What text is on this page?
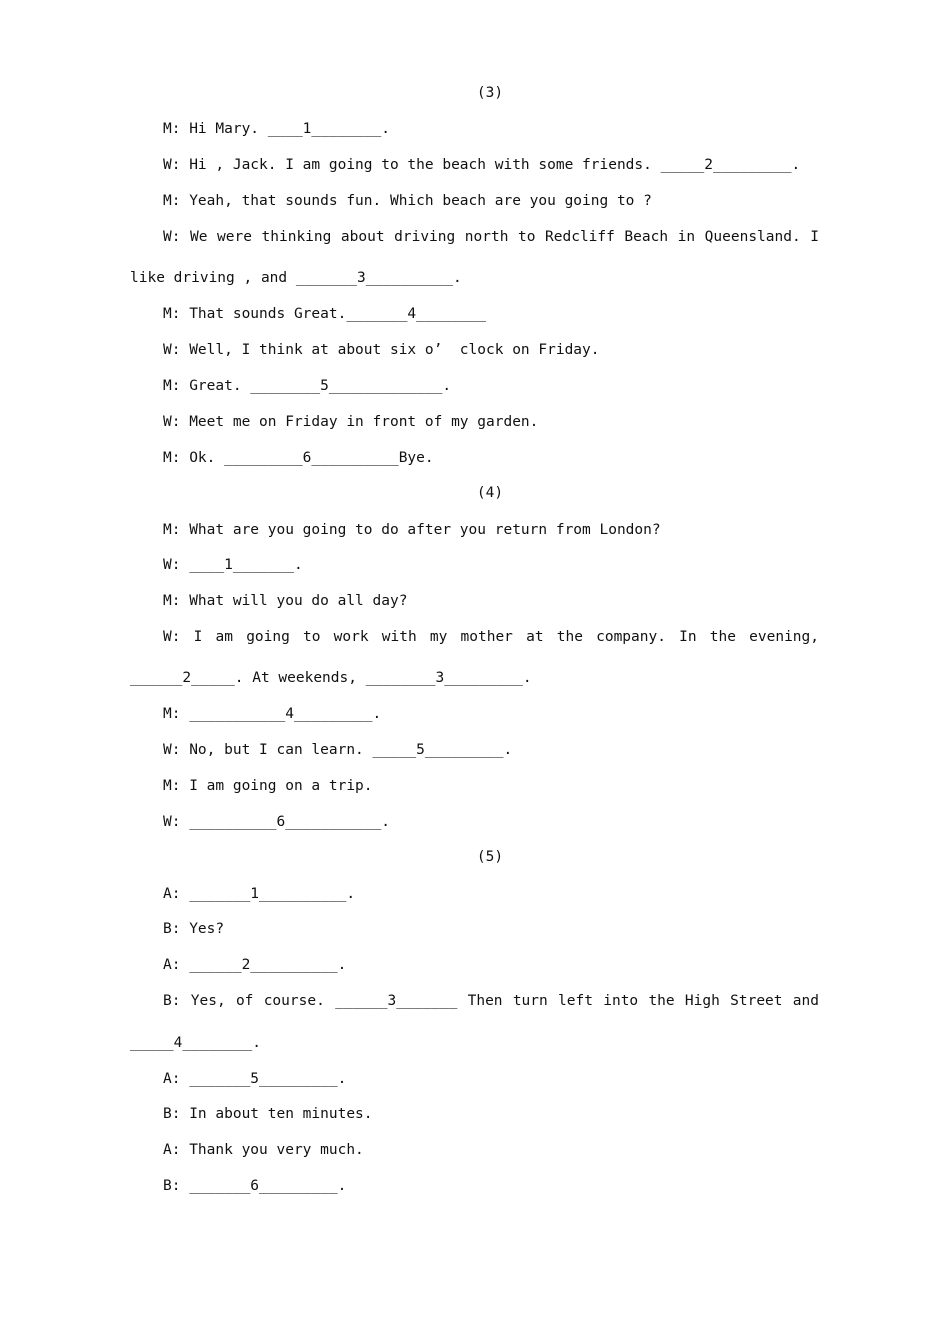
(3)
M: Hi Mary. ____1________.
W: Hi , Jack. I am going to the beach with some friends. _____2_________.
M: Yeah, that sounds fun. Which beach are you going to ?
W: We were thinking about driving north to Redcliff Beach in Queensland. I
like driving , and _______3__________.
M: That sounds Great._______4________
W: Well, I think at about six o’  clock on Friday.
M: Great. ________5_____________.
W: Meet me on Friday in front of my garden.
M: Ok. _________6__________Bye.
(4)
M: What are you going to do after you return from London?
W: ____1_______.
M: What will you do all day?
W: I am going to work with my mother at the company. In the evening,
______2_____. At weekends, ________3_________.
M: ___________4_________.
W: No, but I can learn. _____5_________.
M: I am going on a trip.
W: __________6___________.
(5)
A: _______1__________.
B: Yes?
A: ______2__________.
B: Yes, of course. ______3_______ Then turn left into the High Street and
_____4________.
A: _______5_________.
B: In about ten minutes.
A: Thank you very much.
B: _______6_________.
